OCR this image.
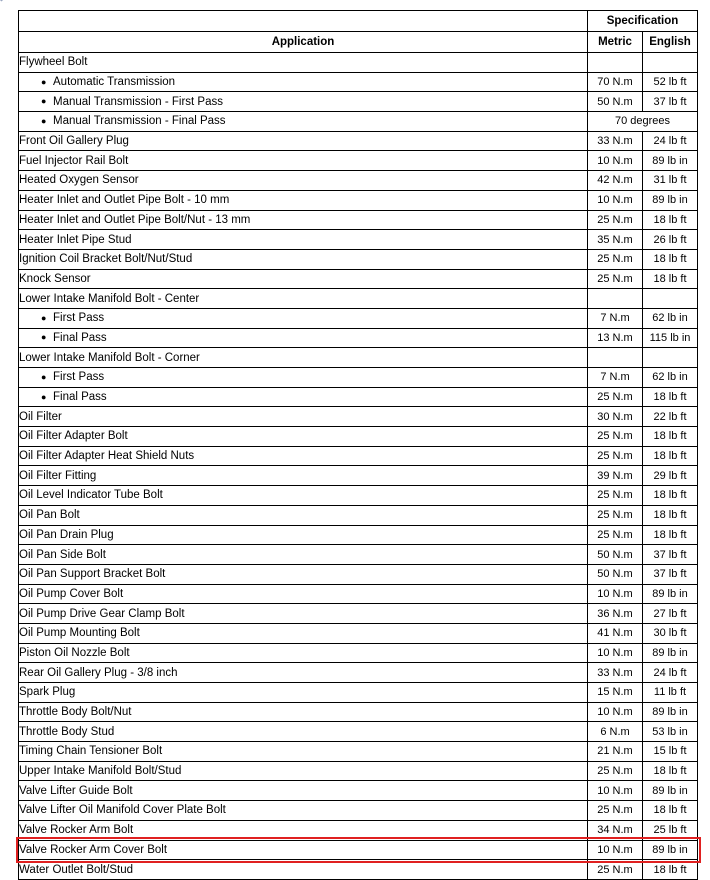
	Specification	
Application	Metric	English
Flywheel Bolt		
● Automatic Transmission	70 N.m	52 lb ft
● Manual Transmission - First Pass	50 N.m	37 lb ft
● Manual Transmission - Final Pass	70 degrees	
Front Oil Gallery Plug	33 N.m	24 lb ft
Fuel Injector Rail Bolt	10 N.m	89 lb in
Heated Oxygen Sensor	42 N.m	31 lb ft
Heater Inlet and Outlet Pipe Bolt - 10 mm	10 N.m	89 lb in
Heater Inlet and Outlet Pipe Bolt/Nut - 13 mm	25 N.m	18 lb ft
Heater Inlet Pipe Stud	35 N.m	26 lb ft
Ignition Coil Bracket Bolt/Nut/Stud	25 N.m	18 lb ft
Knock Sensor	25 N.m	18 lb ft
Lower Intake Manifold Bolt - Center		
● First Pass	7 N.m	62 lb in
● Final Pass	13 N.m	115 lb in
Lower Intake Manifold Bolt - Corner		
● First Pass	7 N.m	62 lb in
● Final Pass	25 N.m	18 lb ft
Oil Filter	30 N.m	22 lb ft
Oil Filter Adapter Bolt	25 N.m	18 lb ft
Oil Filter Adapter Heat Shield Nuts	25 N.m	18 lb ft
Oil Filter Fitting	39 N.m	29 lb ft
Oil Level Indicator Tube Bolt	25 N.m	18 lb ft
Oil Pan Bolt	25 N.m	18 lb ft
Oil Pan Drain Plug	25 N.m	18 lb ft
Oil Pan Side Bolt	50 N.m	37 lb ft
Oil Pan Support Bracket Bolt	50 N.m	37 lb ft
Oil Pump Cover Bolt	10 N.m	89 lb in
Oil Pump Drive Gear Clamp Bolt	36 N.m	27 lb ft
Oil Pump Mounting Bolt	41 N.m	30 lb ft
Piston Oil Nozzle Bolt	10 N.m	89 lb in
Rear Oil Gallery Plug - 3/8 inch	33 N.m	24 lb ft
Spark Plug	15 N.m	11 lb ft
Throttle Body Bolt/Nut	10 N.m	89 lb in
Throttle Body Stud	6 N.m	53 lb in
Timing Chain Tensioner Bolt	21 N.m	15 lb ft
Upper Intake Manifold Bolt/Stud	25 N.m	18 lb ft
Valve Lifter Guide Bolt	10 N.m	89 lb in
Valve Lifter Oil Manifold Cover Plate Bolt	25 N.m	18 lb ft
Valve Rocker Arm Bolt	34 N.m	25 lb ft
Valve Rocker Arm Cover Bolt	10 N.m	89 lb in
Water Outlet Bolt/Stud	25 N.m	18 lb ft
